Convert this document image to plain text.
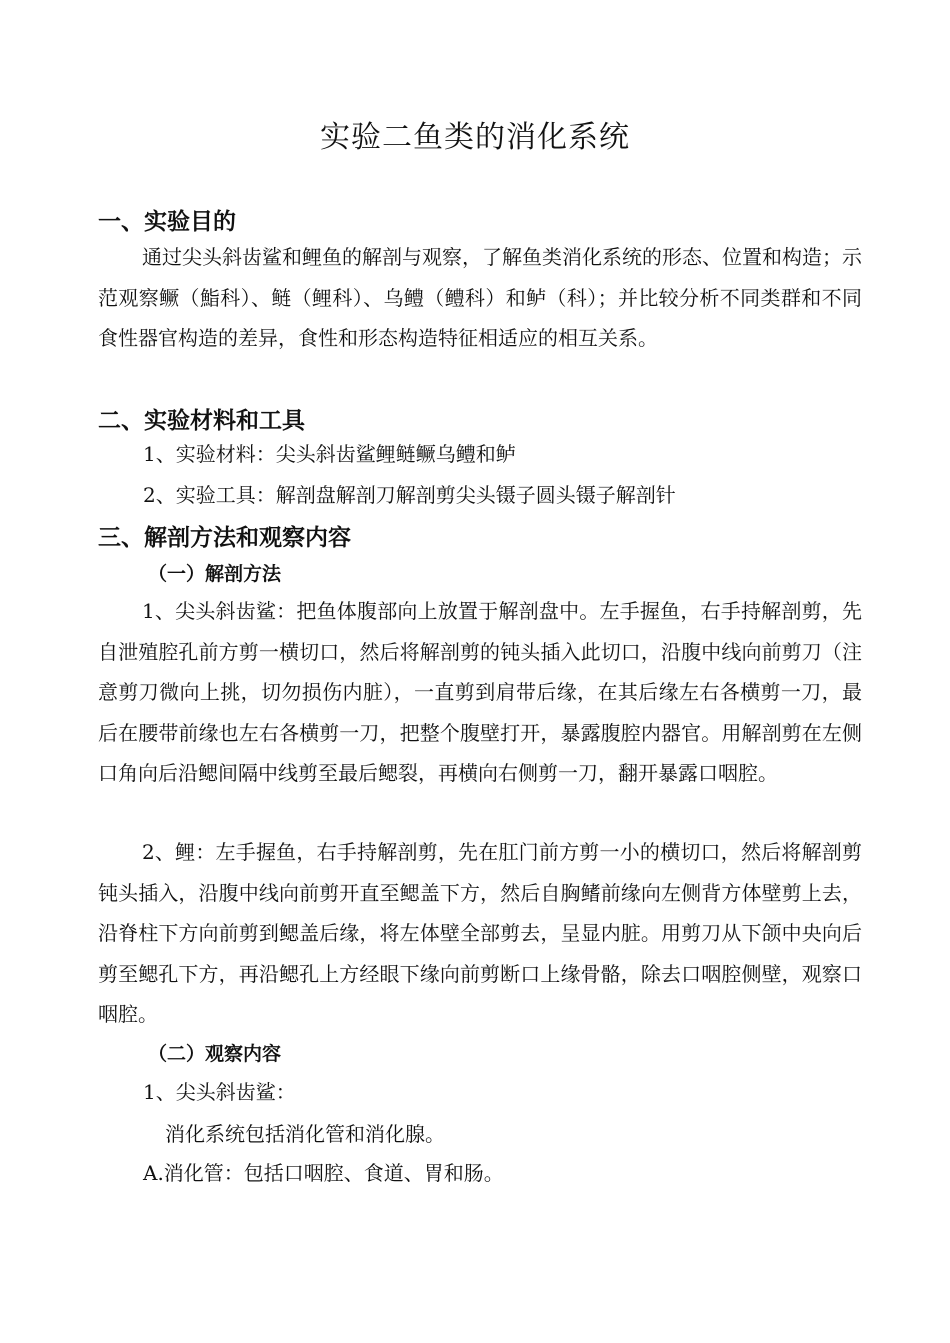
实验二鱼类的消化系统
一、实验目的

通过尖头斜齿鲨和鲤鱼的解剖与观察，了解鱼类消化系统的形态、位置和构造；示范观察鳜（鮨科）、鲢（鲤科）、乌鳢（鳢科）和鲈（科）；并比较分析不同类群和不同食性器官构造的差异，食性和形态构造特征相适应的相互关系。

二、实验材料和工具

1、实验材料：尖头斜齿鲨鲤鲢鳜乌鳢和鲈

2、实验工具：解剖盘解剖刀解剖剪尖头镊子圆头镊子解剖针

三、解剖方法和观察内容
（一）解剖方法

1、尖头斜齿鲨：把鱼体腹部向上放置于解剖盘中。左手握鱼，右手持解剖剪，先自泄殖腔孔前方剪一横切口，然后将解剖剪的钝头插入此切口，沿腹中线向前剪刀（注意剪刀微向上挑，切勿损伤内脏），一直剪到肩带后缘，在其后缘左右各横剪一刀，最后在腰带前缘也左右各横剪一刀，把整个腹壁打开，暴露腹腔内器官。用解剖剪在左侧口角向后沿鳃间隔中线剪至最后鳃裂，再横向右侧剪一刀，翻开暴露口咽腔。

2、鲤：左手握鱼，右手持解剖剪，先在肛门前方剪一小的横切口，然后将解剖剪钝头插入，沿腹中线向前剪开直至鳃盖下方，然后自胸鳍前缘向左侧背方体壁剪上去，沿脊柱下方向前剪到鳃盖后缘，将左体壁全部剪去，呈显内脏。用剪刀从下颌中央向后剪至鳃孔下方，再沿鳃孔上方经眼下缘向前剪断口上缘骨骼，除去口咽腔侧壁，观察口咽腔。

（二）观察内容

1、尖头斜齿鲨：

消化系统包括消化管和消化腺。

A.消化管：包括口咽腔、食道、胃和肠。
